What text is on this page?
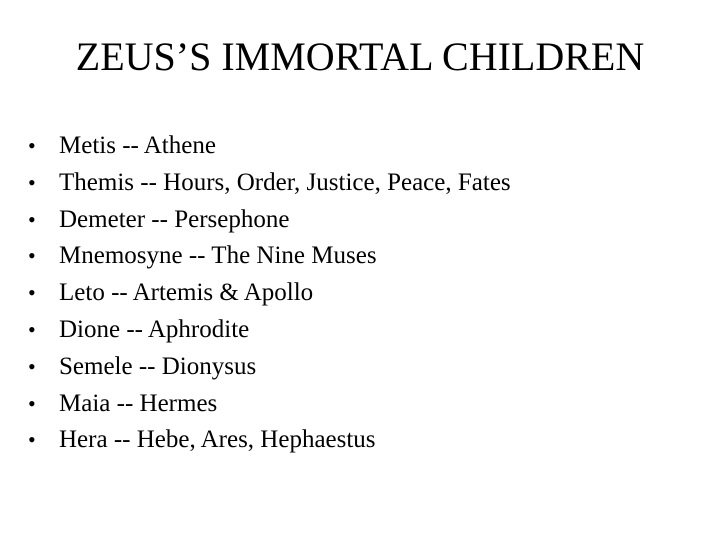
ZEUS’S IMMORTAL CHILDREN
• Metis -- Athene
• Themis -- Hours, Order, Justice, Peace, Fates
• Demeter -- Persephone
• Mnemosyne -- The Nine Muses
• Leto -- Artemis & Apollo
• Dione -- Aphrodite
• Semele -- Dionysus
• Maia -- Hermes
• Hera -- Hebe, Ares, Hephaestus
